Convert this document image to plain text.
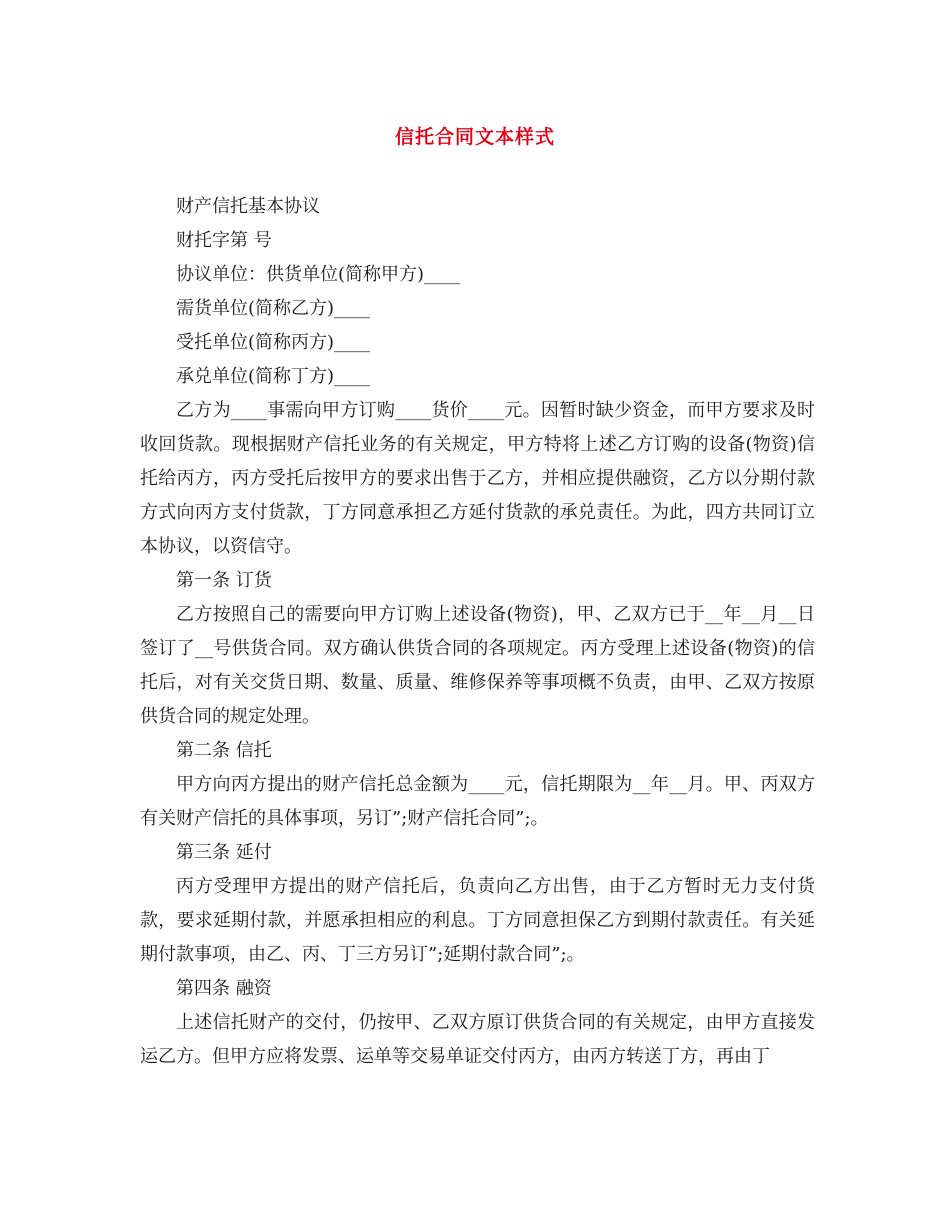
信托合同文本样式

财产信托基本协议

财托字第 号

协议单位：供货单位(简称甲方)____

需货单位(简称乙方)____

受托单位(简称丙方)____

承兑单位(简称丁方)____

乙方为____事需向甲方订购____货价____元。因暂时缺少资金，而甲方要求及时收回货款。现根据财产信托业务的有关规定，甲方特将上述乙方订购的设备(物资)信托给丙方，丙方受托后按甲方的要求出售于乙方，并相应提供融资，乙方以分期付款方式向丙方支付货款，丁方同意承担乙方延付货款的承兑责任。为此，四方共同订立本协议，以资信守。

第一条 订货

乙方按照自己的需要向甲方订购上述设备(物资)，甲、乙双方已于__年__月__日签订了__号供货合同。双方确认供货合同的各项规定。丙方受理上述设备(物资)的信托后，对有关交货日期、数量、质量、维修保养等事项概不负责，由甲、乙双方按原供货合同的规定处理。

第二条 信托

甲方向丙方提出的财产信托总金额为____元，信托期限为__年__月。甲、丙双方有关财产信托的具体事项，另订”;财产信托合同”;。

第三条 延付

丙方受理甲方提出的财产信托后，负责向乙方出售，由于乙方暂时无力支付货款，要求延期付款，并愿承担相应的利息。丁方同意担保乙方到期付款责任。有关延期付款事项，由乙、丙、丁三方另订”;延期付款合同”;。

第四条 融资

上述信托财产的交付，仍按甲、乙双方原订供货合同的有关规定，由甲方直接发运乙方。但甲方应将发票、运单等交易单证交付丙方，由丙方转送丁方，再由丁
